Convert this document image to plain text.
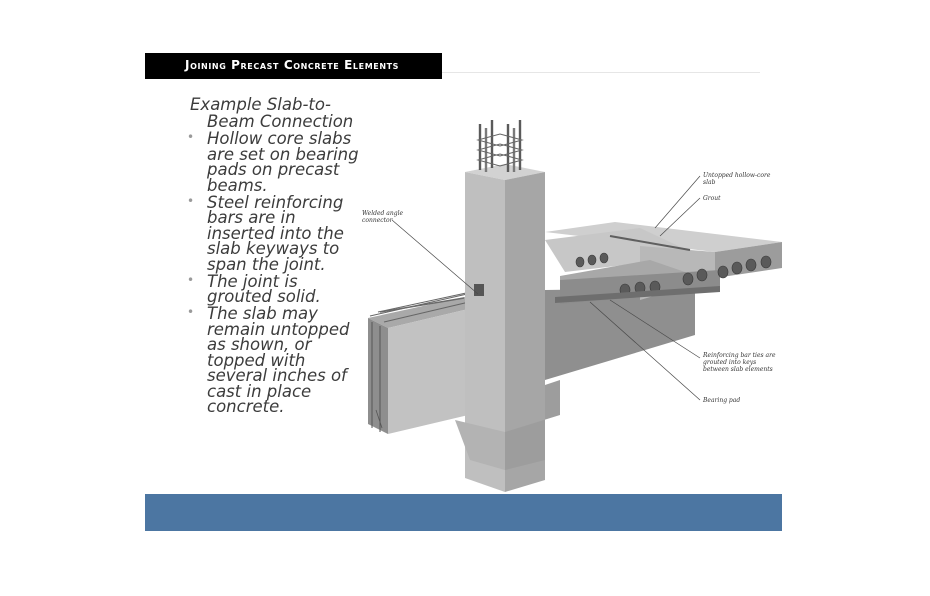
Joining Precast Concrete Elements
Example Slab-to-Beam Connection
• Hollow core slabs are set on bearing pads on precast beams.
• Steel reinforcing bars are in inserted into the slab keyways to span the joint.
• The joint is grouted solid.
• The slab may remain untopped as shown, or topped with several inches of cast in place concrete.
Welded angle connector
Untopped hollow-core slab
Grout
Reinforcing bar ties are grouted into keys between slab elements
Bearing pad
